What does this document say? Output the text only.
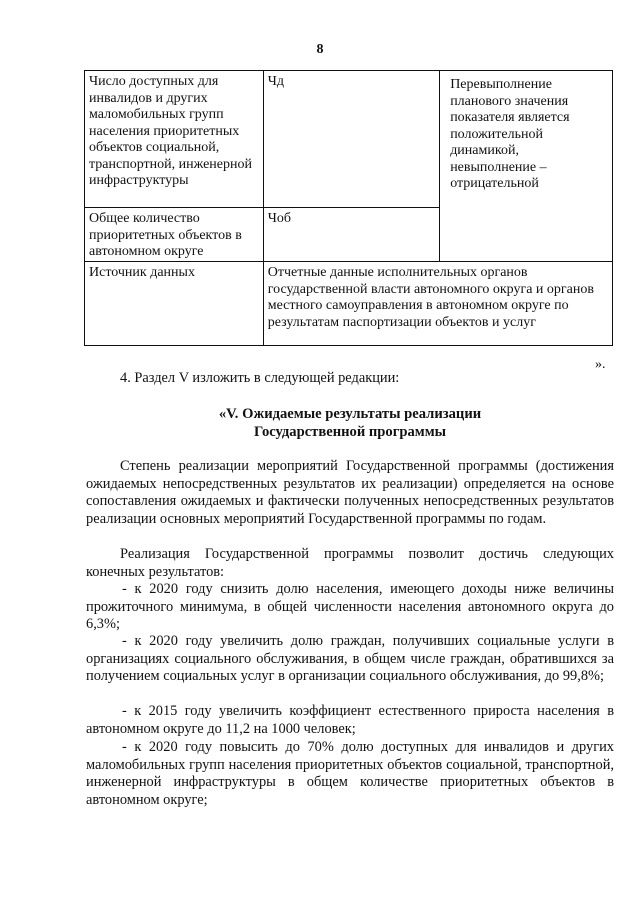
8
Число доступных для инвалидов и других маломобильных групп населения приоритетных объектов социальной, транспортной, инженерной инфраструктуры	Чд	Перевыполнение планового значения показателя является положительной динамикой, невыполнение – отрицательной
Общее количество приоритетных объектов в автономном округе	Чоб	
Источник данных	Отчетные данные исполнительных органов государственной власти автономного округа и органов местного самоуправления в автономном округе по результатам паспортизации объектов и услуг	
».
4. Раздел V изложить в следующей редакции:
«V. Ожидаемые результаты реализации
Государственной программы
Степень реализации мероприятий Государственной программы (достижения ожидаемых непосредственных результатов их реализации) определяется на основе сопоставления ожидаемых и фактически полученных непосредственных результатов реализации основных мероприятий Государственной программы по годам.
Реализация Государственной программы позволит достичь следующих конечных результатов:
- к 2020 году снизить долю населения, имеющего доходы ниже величины прожиточного минимума, в общей численности населения автономного округа до 6,3%;
- к 2020 году увеличить долю граждан, получивших социальные услуги в организациях социального обслуживания, в общем числе граждан, обратившихся за получением социальных услуг в организации социального обслуживания, до 99,8%;
- к 2015 году увеличить коэффициент естественного прироста населения в автономном округе до 11,2 на 1000 человек;
- к 2020 году повысить до 70% долю доступных для инвалидов и других маломобильных групп населения приоритетных объектов социальной, транспортной, инженерной инфраструктуры в общем количестве приоритетных объектов в автономном округе;
